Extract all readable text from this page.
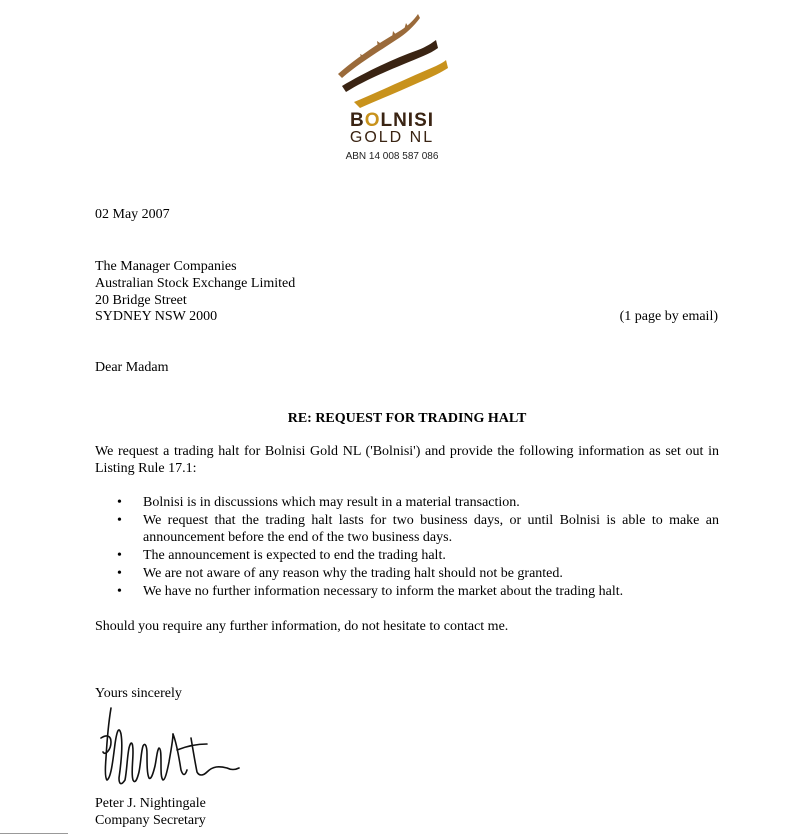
BOLNISI
GOLD NL
ABN 14 008 587 086
02 May 2007
The Manager Companies
Australian Stock Exchange Limited
20 Bridge Street
SYDNEY NSW 2000	(1 page by email)
Dear Madam
RE: REQUEST FOR TRADING HALT
We request a trading halt for Bolnisi Gold NL ('Bolnisi') and provide the following information as set out in Listing Rule 17.1:
• Bolnisi is in discussions which may result in a material transaction.
• We request that the trading halt lasts for two business days, or until Bolnisi is able to make an announcement before the end of the two business days.
• The announcement is expected to end the trading halt.
• We are not aware of any reason why the trading halt should not be granted.
• We have no further information necessary to inform the market about the trading halt.
Should you require any further information, do not hesitate to contact me.
Yours sincerely
Peter J. Nightingale
Company Secretary
